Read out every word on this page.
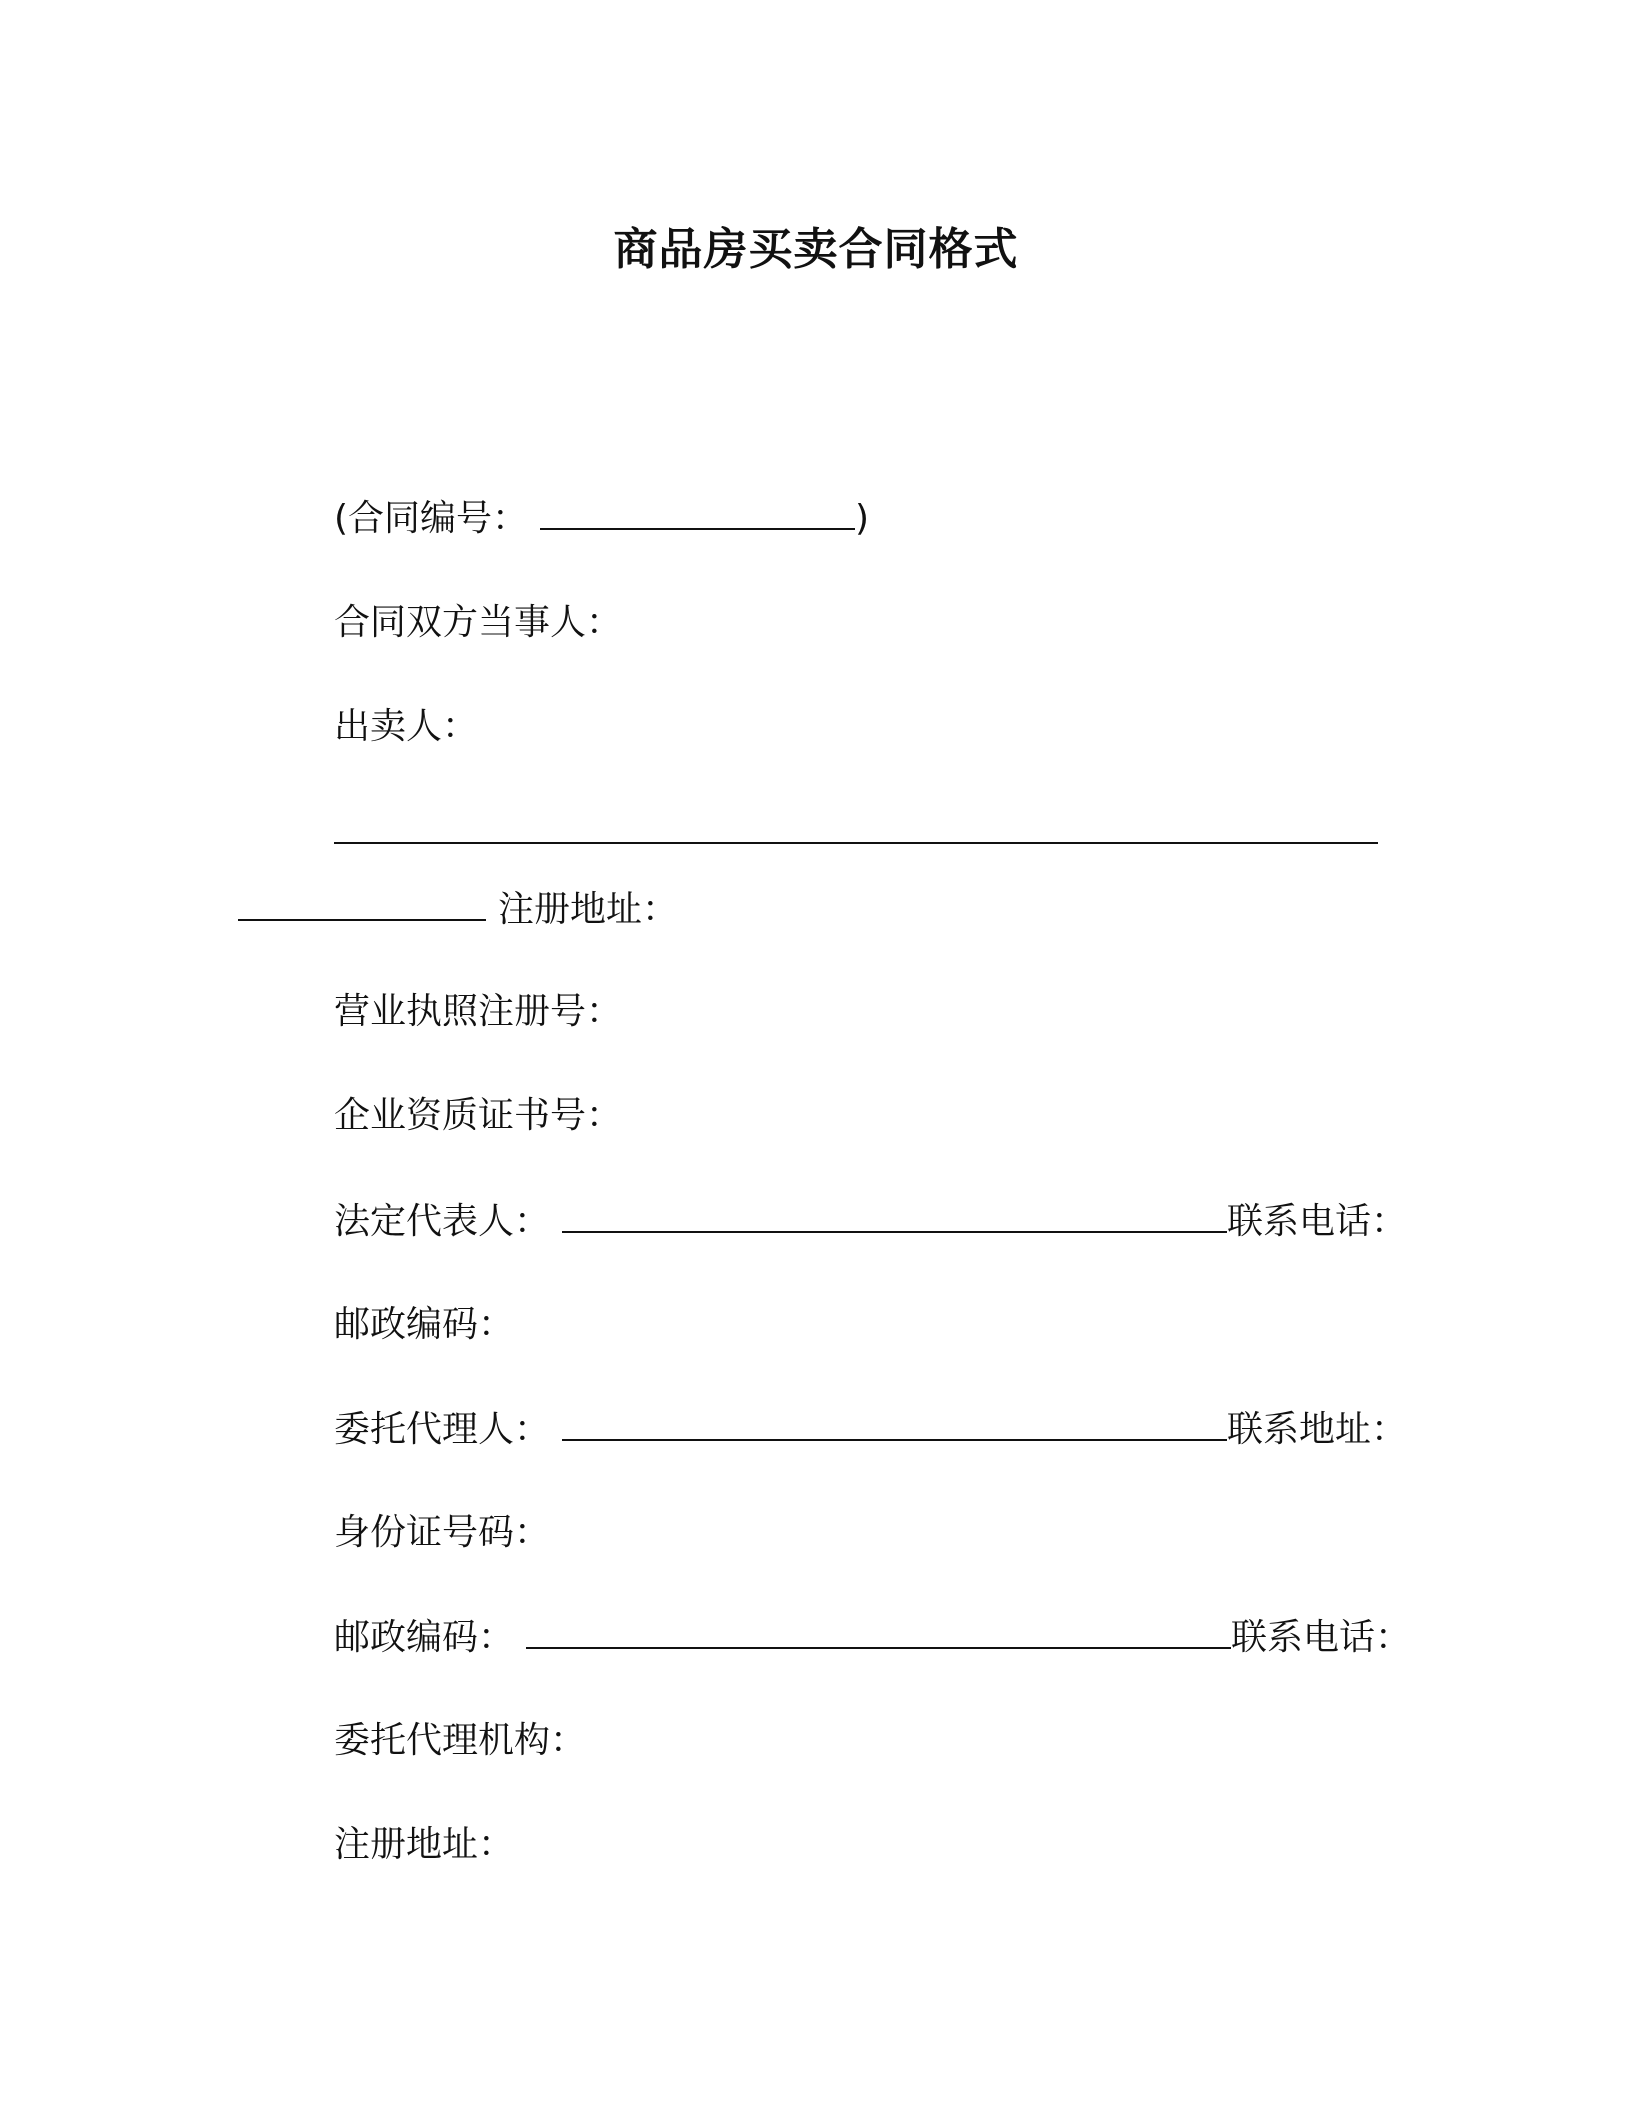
商品房买卖合同格式
(合同编号：	)
合同双方当事人：
出卖人：
注册地址：
营业执照注册号：
企业资质证书号：
法定代表人：	联系电话：
邮政编码：
委托代理人：	联系地址：
身份证号码：
邮政编码：	联系电话：
委托代理机构：
注册地址：
